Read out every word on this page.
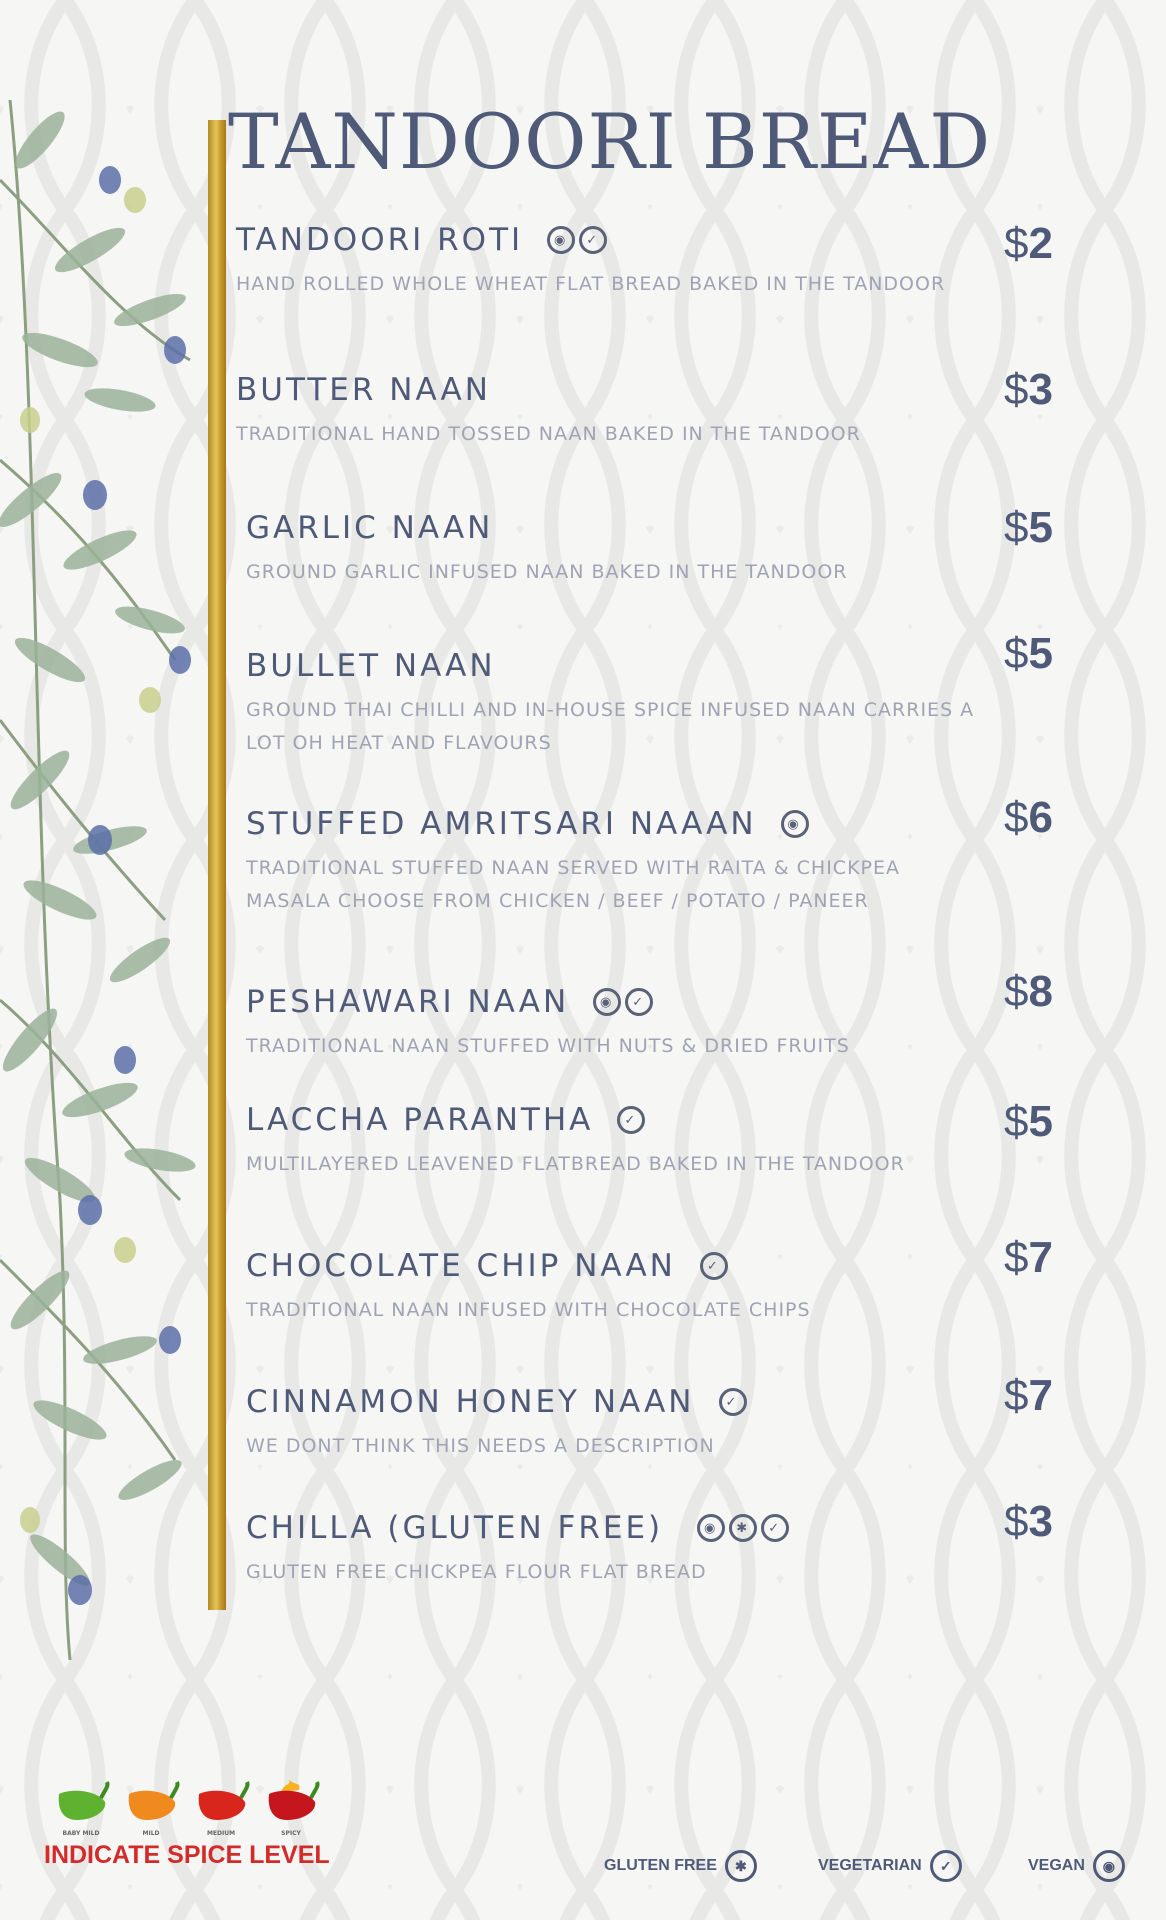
TANDOORI BREAD
TANDOORI ROTI	◉	✓

HAND ROLLED WHOLE WHEAT FLAT BREAD BAKED IN THE TANDOOR

$2
BUTTER NAAN

TRADITIONAL HAND TOSSED NAAN BAKED IN THE TANDOOR

$3
GARLIC NAAN

GROUND GARLIC INFUSED NAAN BAKED IN THE TANDOOR

$5
BULLET NAAN

GROUND THAI CHILLI AND IN-HOUSE SPICE INFUSED NAAN CARRIES A LOT OH HEAT AND FLAVOURS

$5
STUFFED AMRITSARI NAAAN	◉

TRADITIONAL STUFFED NAAN SERVED WITH RAITA & CHICKPEA MASALA CHOOSE FROM CHICKEN / BEEF / POTATO / PANEER

$6
PESHAWARI NAAN	◉	✓

TRADITIONAL NAAN STUFFED WITH NUTS & DRIED FRUITS

$8
LACCHA PARANTHA	✓

MULTILAYERED LEAVENED FLATBREAD BAKED IN THE TANDOOR

$5
CHOCOLATE CHIP NAAN	✓

TRADITIONAL NAAN INFUSED WITH CHOCOLATE CHIPS

$7
CINNAMON HONEY NAAN	✓

WE DONT THINK THIS NEEDS A DESCRIPTION

$7
CHILLA (GLUTEN FREE)	◉	✱	✓

GLUTEN FREE CHICKPEA FLOUR FLAT BREAD

$3
BABY MILD	MILD	MEDIUM	SPICY
INDICATE SPICE LEVEL	GLUTEN FREE	✱	VEGETARIAN	✓	VEGAN	◉
